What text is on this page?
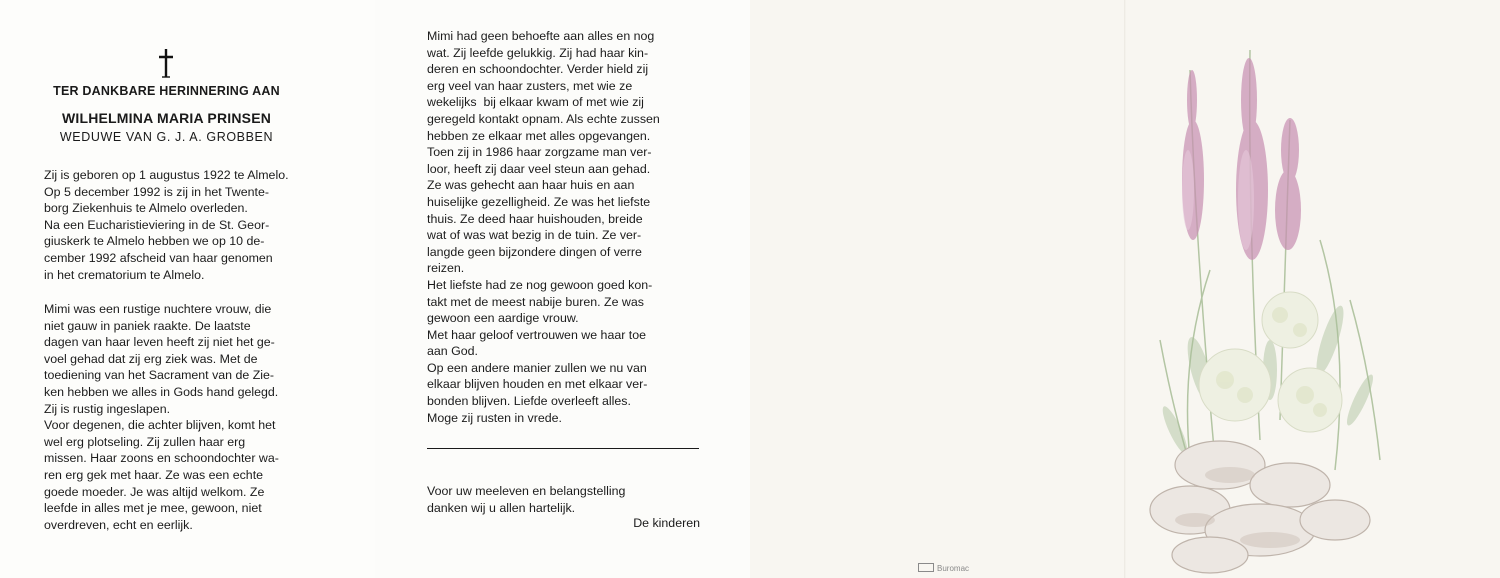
TER DANKBARE HERINNERING AAN
WILHELMINA MARIA PRINSEN
WEDUWE VAN G. J. A. GROBBEN
Zij is geboren op 1 augustus 1922 te Almelo.
Op 5 december 1992 is zij in het Twente-
borg Ziekenhuis te Almelo overleden.
Na een Eucharistieviering in de St. Geor-
giuskerk te Almelo hebben we op 10 de-
cember 1992 afscheid van haar genomen
in het crematorium te Almelo.
Mimi was een rustige nuchtere vrouw, die
niet gauw in paniek raakte. De laatste
dagen van haar leven heeft zij niet het ge-
voel gehad dat zij erg ziek was. Met de
toediening van het Sacrament van de Zie-
ken hebben we alles in Gods hand gelegd.
Zij is rustig ingeslapen.
Voor degenen, die achter blijven, komt het
wel erg plotseling. Zij zullen haar erg
missen. Haar zoons en schoondochter wa-
ren erg gek met haar. Ze was een echte
goede moeder. Je was altijd welkom. Ze
leefde in alles met je mee, gewoon, niet
overdreven, echt en eerlijk.
Mimi had geen behoefte aan alles en nog
wat. Zij leefde gelukkig. Zij had haar kin-
deren en schoondochter. Verder hield zij
erg veel van haar zusters, met wie ze
wekelijks  bij elkaar kwam of met wie zij
geregeld kontakt opnam. Als echte zussen
hebben ze elkaar met alles opgevangen.
Toen zij in 1986 haar zorgzame man ver-
loor, heeft zij daar veel steun aan gehad.
Ze was gehecht aan haar huis en aan
huiselijke gezelligheid. Ze was het liefste
thuis. Ze deed haar huishouden, breide
wat of was wat bezig in de tuin. Ze ver-
langde geen bijzondere dingen of verre
reizen.
Het liefste had ze nog gewoon goed kon-
takt met de meest nabije buren. Ze was
gewoon een aardige vrouw.
Met haar geloof vertrouwen we haar toe
aan God.
Op een andere manier zullen we nu van
elkaar blijven houden en met elkaar ver-
bonden blijven. Liefde overleeft alles.
Moge zij rusten in vrede.
Voor uw meeleven en belangstelling
danken wij u allen hartelijk.
De kinderen
Buromac
